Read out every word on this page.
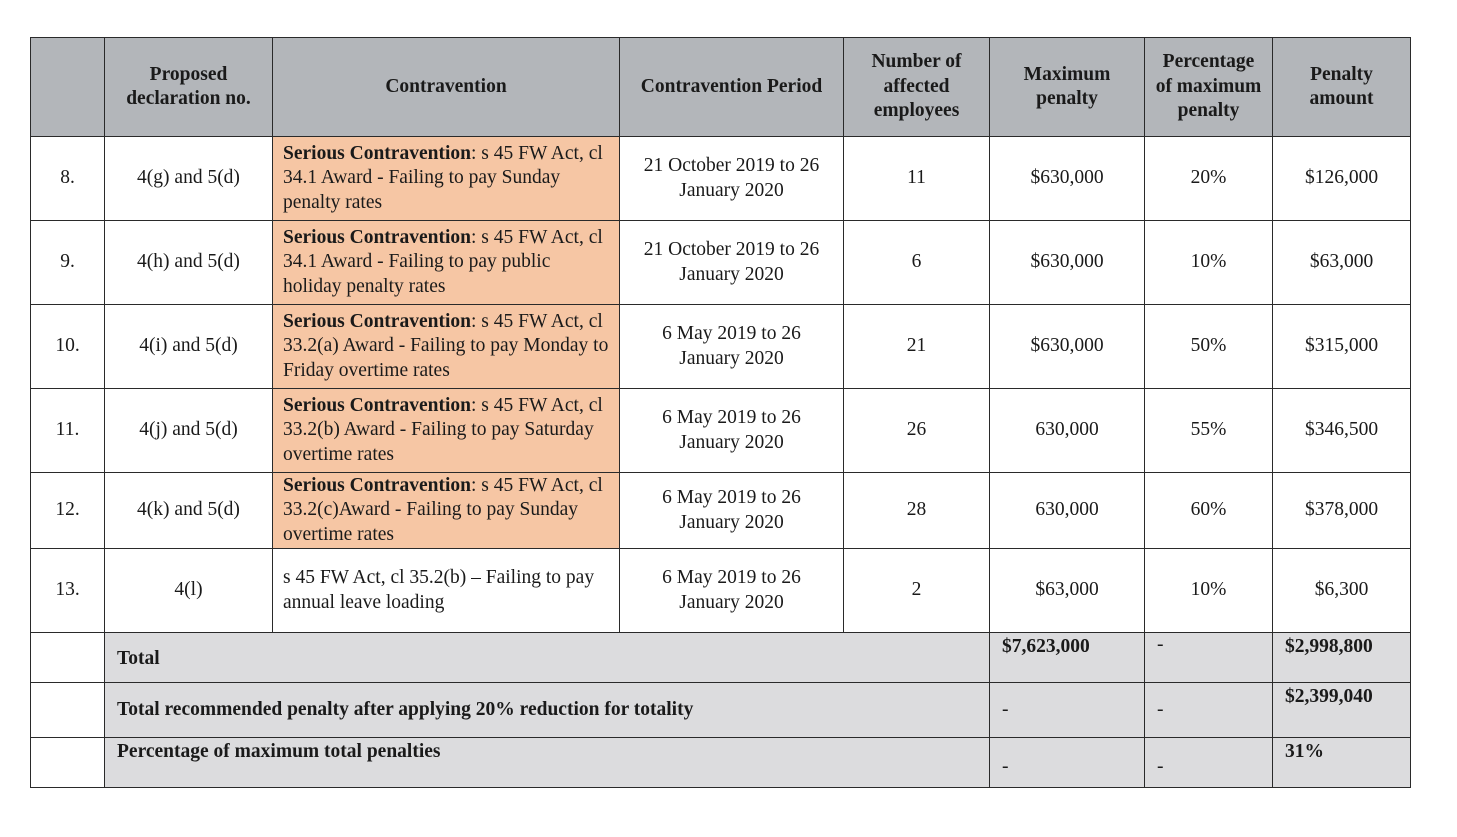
	Proposed declaration no.	Contravention	Contravention Period	Number of affected employees	Maximum penalty	Percentage of maximum penalty	Penalty amount
8.	4(g) and 5(d)	Serious Contravention: s 45 FW Act, cl 34.1 Award - Failing to pay Sunday penalty rates	21 October 2019 to 26 January 2020	11	$630,000	20%	$126,000
9.	4(h) and 5(d)	Serious Contravention: s 45 FW Act, cl 34.1 Award - Failing to pay public holiday penalty rates	21 October 2019 to 26 January 2020	6	$630,000	10%	$63,000
10.	4(i) and 5(d)	Serious Contravention: s 45 FW Act, cl 33.2(a) Award - Failing to pay Monday to Friday overtime rates	6 May 2019 to 26 January 2020	21	$630,000	50%	$315,000
11.	4(j) and 5(d)	Serious Contravention: s 45 FW Act, cl 33.2(b) Award - Failing to pay Saturday overtime rates	6 May 2019 to 26 January 2020	26	630,000	55%	$346,500
12.	4(k) and 5(d)	Serious Contravention: s 45 FW Act, cl 33.2(c)Award - Failing to pay Sunday overtime rates	6 May 2019 to 26 January 2020	28	630,000	60%	$378,000
13.	4(l)	s 45 FW Act, cl 35.2(b) – Failing to pay annual leave loading	6 May 2019 to 26 January 2020	2	$63,000	10%	$6,300
	Total				$7,623,000	-	$2,998,800
	Total recommended penalty after applying 20% reduction for totality				-	-	$2,399,040
	Percentage of maximum total penalties				-	-	31%
